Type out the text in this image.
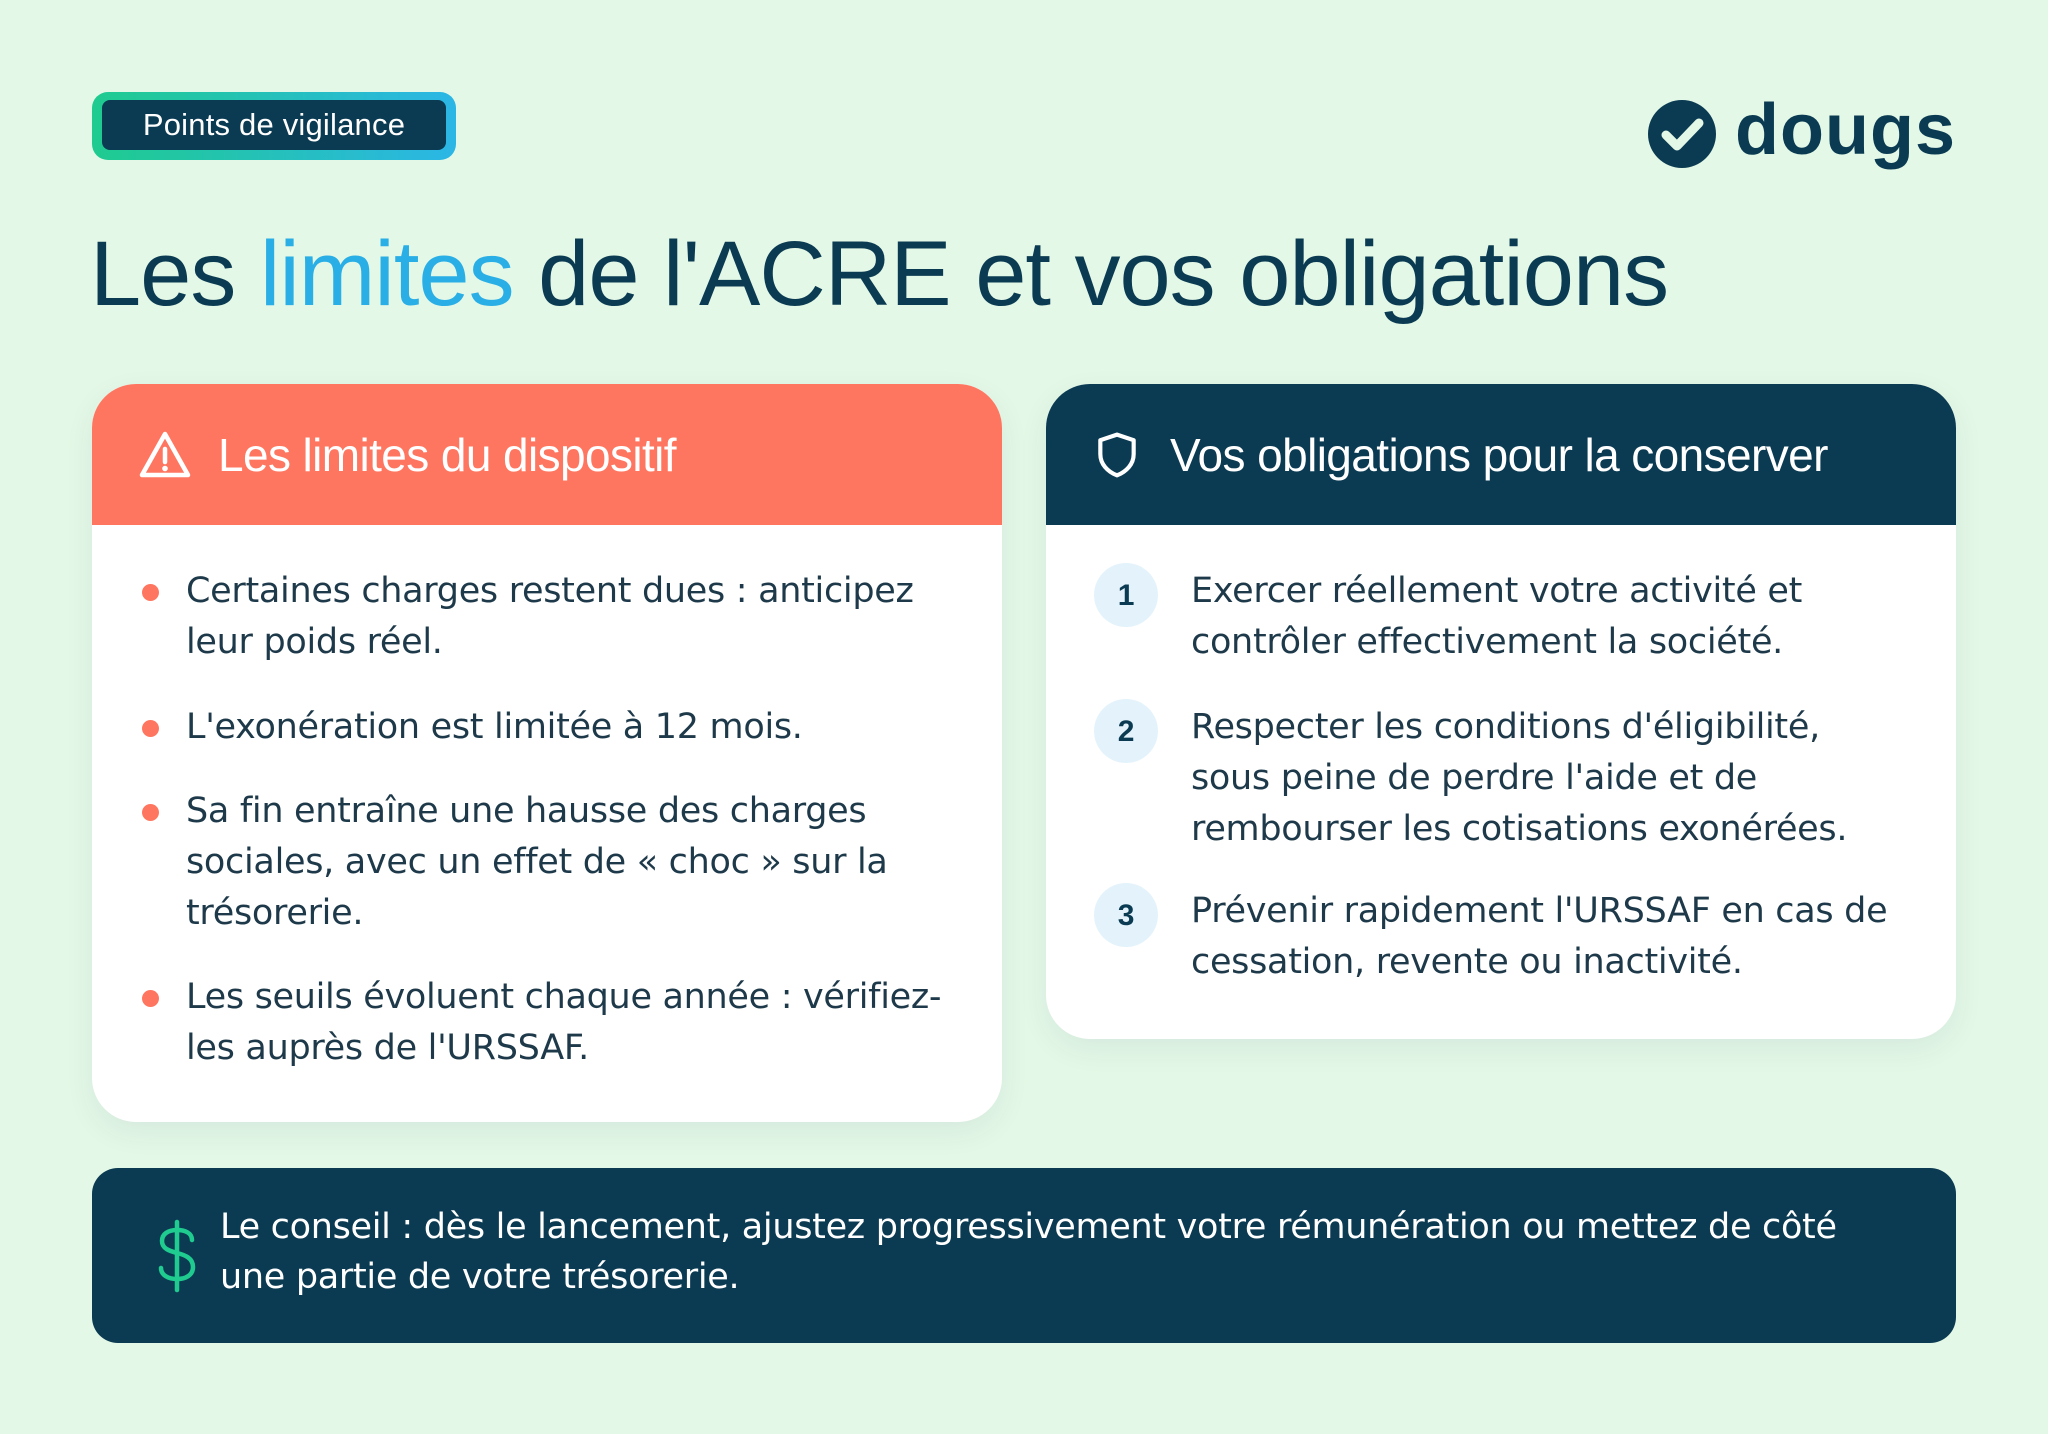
Points de vigilance	dougs
Les limites de l'ACRE et vos obligations
Les limites du dispositif
Certaines charges restent dues : anticipez leur poids réel.
L'exonération est limitée à 12 mois.
Sa fin entraîne une hausse des charges sociales, avec un effet de « choc » sur la trésorerie.
Les seuils évoluent chaque année : vérifiez-les auprès de l'URSSAF.
Vos obligations pour la conserver
1	Exercer réellement votre activité et contrôler effectivement la société.
2	Respecter les conditions d'éligibilité, sous peine de perdre l'aide et de rembourser les cotisations exonérées.
3	Prévenir rapidement l'URSSAF en cas de cessation, revente ou inactivité.
Le conseil : dès le lancement, ajustez progressivement votre rémunération ou mettez de côté une partie de votre trésorerie.
